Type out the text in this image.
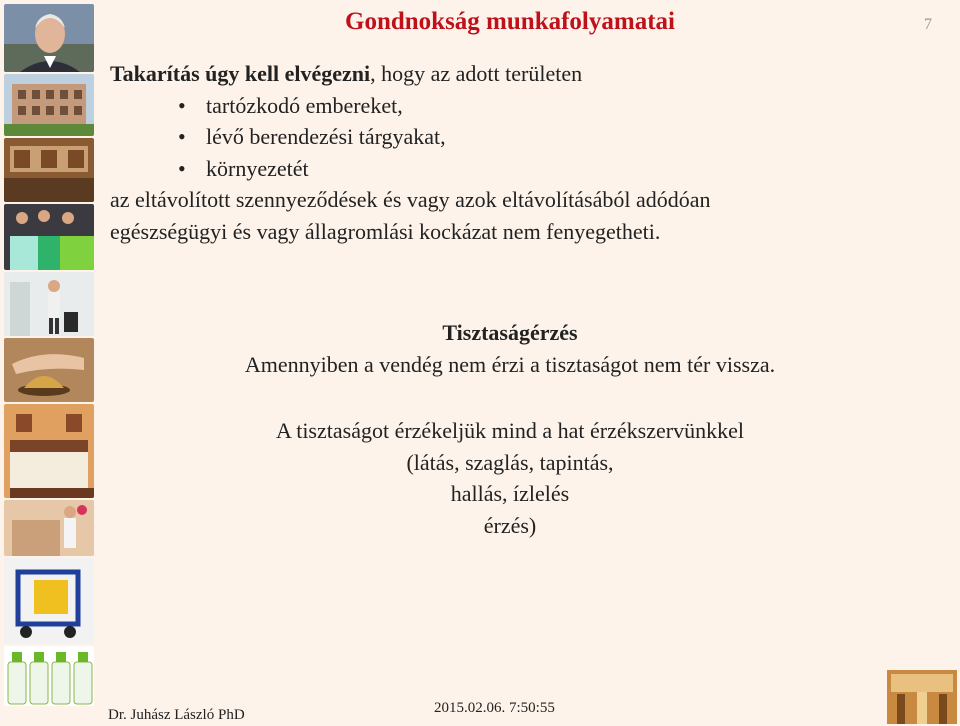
Gondnokság munkafolyamatai	7

Takarítás úgy kell elvégezni, hogy az adott területen

• tartózkodó embereket,
• lévő berendezési tárgyakat,
• környezetét

az eltávolított szennyeződések és vagy azok eltávolításából adódóan

egészségügyi és vagy állagromlási kockázat nem fenyegetheti.

Tisztaságérzés

Amennyiben a vendég nem érzi a tisztaságot nem tér vissza.

A tisztaságot érzékeljük mind a hat érzékszervünkkel

(látás, szaglás, tapintás,

hallás, ízlelés

érzés)

Dr. Juhász László PhD	2015.02.06. 7:50:55
